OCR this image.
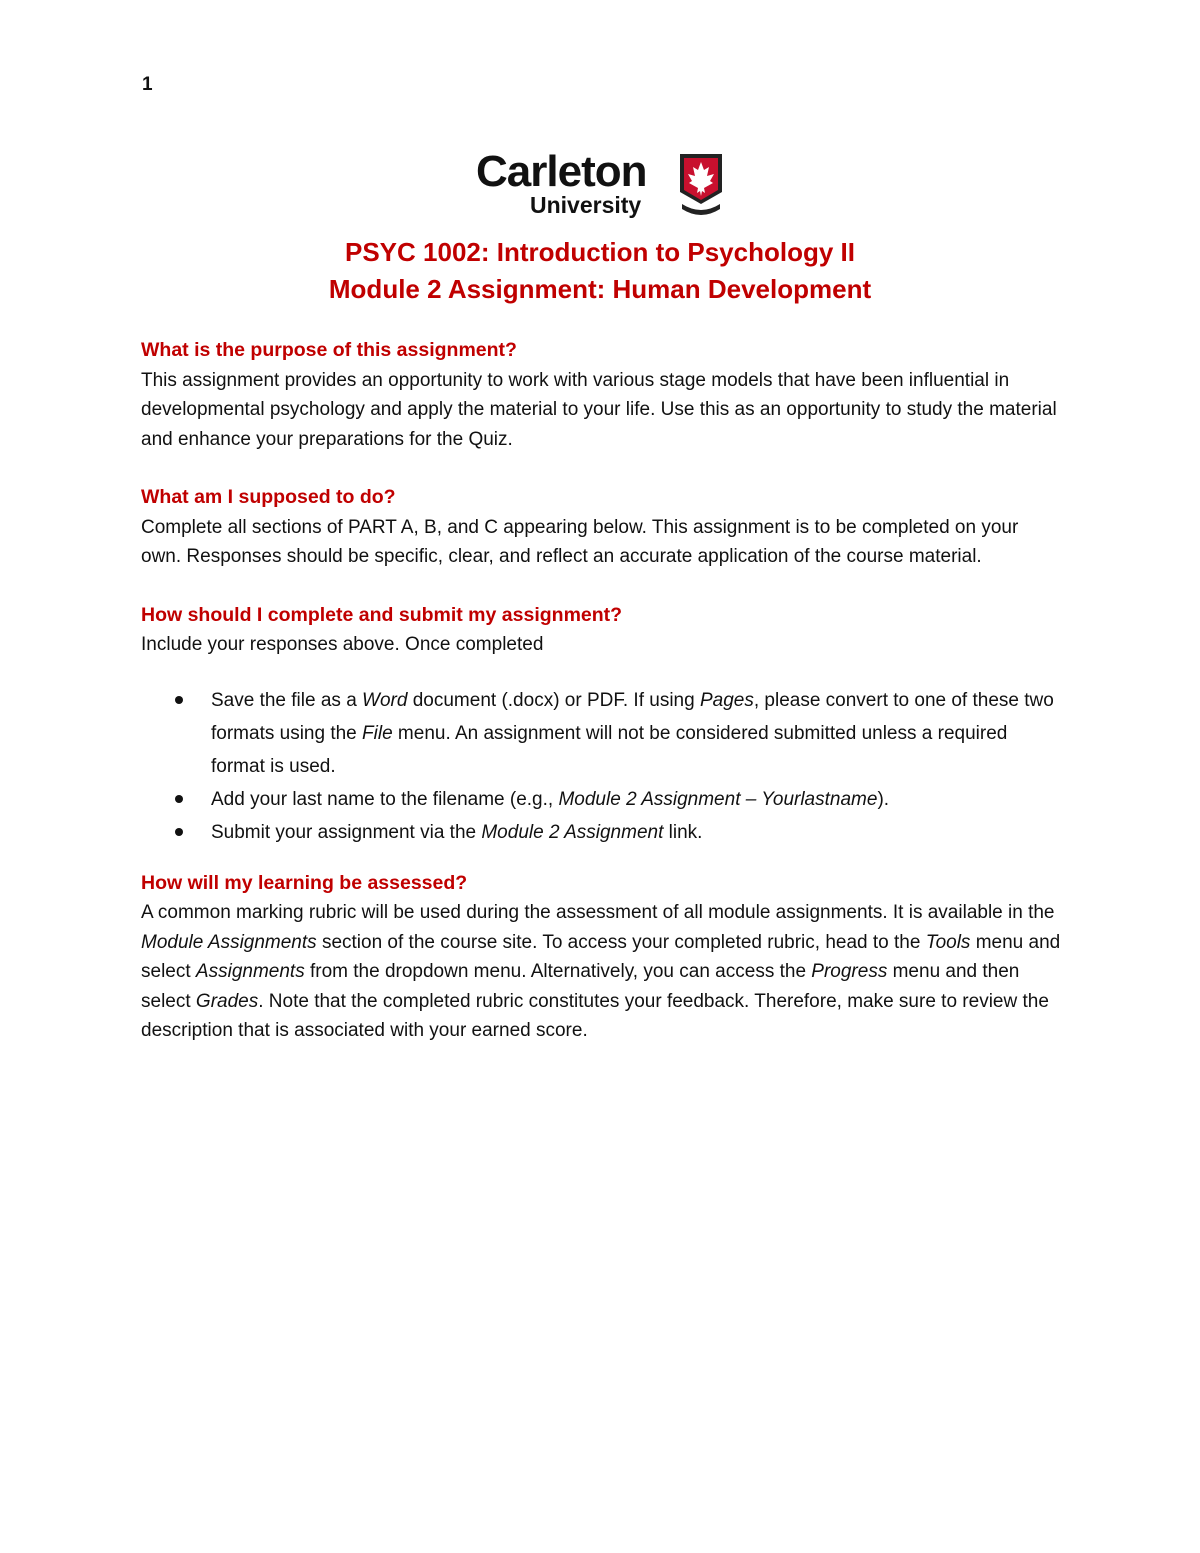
1
Carleton
University
PSYC 1002: Introduction to Psychology II
Module 2 Assignment: Human Development

What is the purpose of this assignment?

This assignment provides an opportunity to work with various stage models that have been influential in developmental psychology and apply the material to your life. Use this as an opportunity to study the material and enhance your preparations for the Quiz.

What am I supposed to do?

Complete all sections of PART A, B, and C appearing below. This assignment is to be completed on your own. Responses should be specific, clear, and reflect an accurate application of the course material.

How should I complete and submit my assignment?

Include your responses above. Once completed

Save the file as a Word document (.docx) or PDF. If using Pages, please convert to one of these two formats using the File menu. An assignment will not be considered submitted unless a required format is used.
Add your last name to the filename (e.g., Module 2 Assignment – Yourlastname).
Submit your assignment via the Module 2 Assignment link.

How will my learning be assessed?

A common marking rubric will be used during the assessment of all module assignments. It is available in the Module Assignments section of the course site. To access your completed rubric, head to the Tools menu and select Assignments from the dropdown menu. Alternatively, you can access the Progress menu and then select Grades. Note that the completed rubric constitutes your feedback. Therefore, make sure to review the description that is associated with your earned score.
